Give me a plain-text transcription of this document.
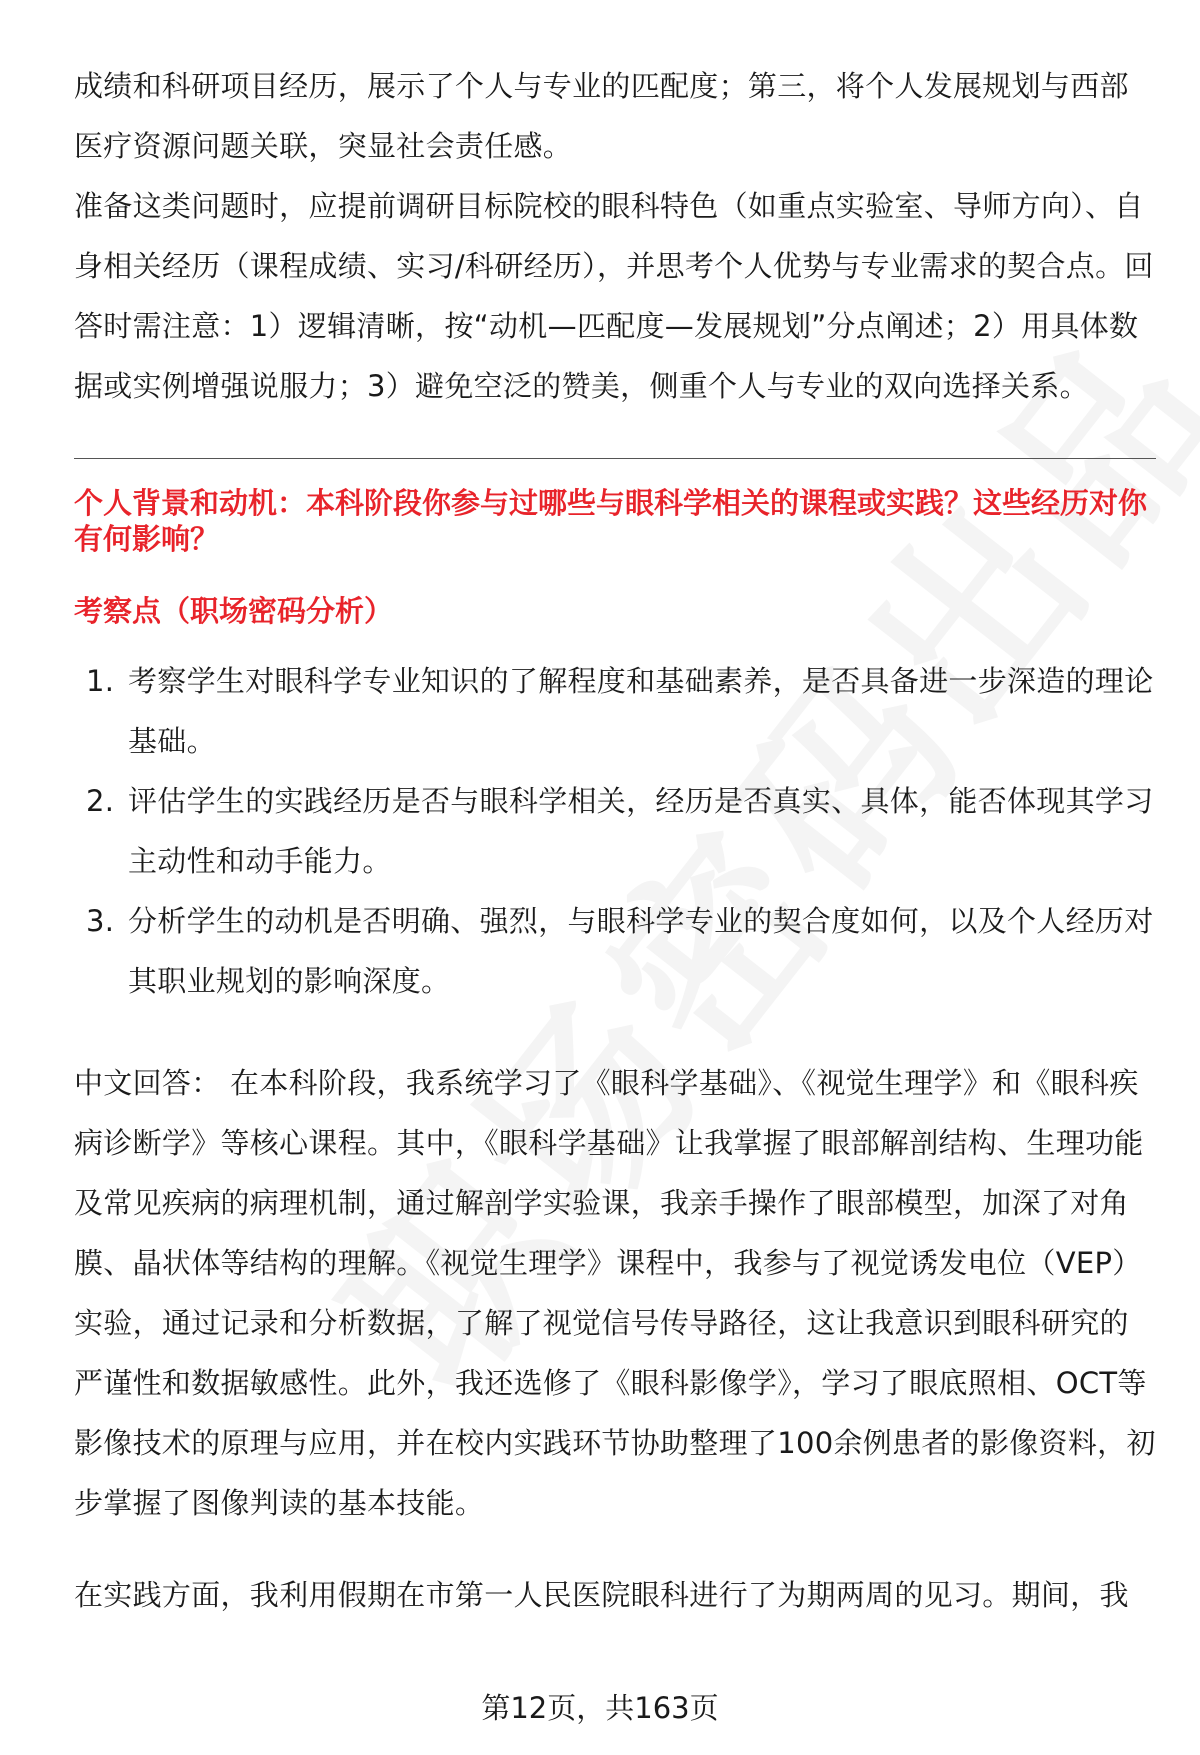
成绩和科研项目经历，展示了个人与专业的匹配度；第三，将个人发展规划与西部医疗资源问题关联，突显社会责任感。

准备这类问题时，应提前调研目标院校的眼科特色（如重点实验室、导师方向）、自身相关经历（课程成绩、实习/科研经历），并思考个人优势与专业需求的契合点。回答时需注意：1）逻辑清晰，按“动机—匹配度—发展规划”分点阐述；2）用具体数据或实例增强说服力；3）避免空泛的赞美，侧重个人与专业的双向选择关系。

个人背景和动机：本科阶段你参与过哪些与眼科学相关的课程或实践？这些经历对你有何影响？
考察点（职场密码分析）
1. 考察学生对眼科学专业知识的了解程度和基础素养，是否具备进一步深造的理论基础。
2. 评估学生的实践经历是否与眼科学相关，经历是否真实、具体，能否体现其学习主动性和动手能力。
3. 分析学生的动机是否明确、强烈，与眼科学专业的契合度如何，以及个人经历对其职业规划的影响深度。

中文回答： 在本科阶段，我系统学习了《眼科学基础》、《视觉生理学》和《眼科疾病诊断学》等核心课程。其中，《眼科学基础》让我掌握了眼部解剖结构、生理功能及常见疾病的病理机制，通过解剖学实验课，我亲手操作了眼部模型，加深了对角膜、晶状体等结构的理解。《视觉生理学》课程中，我参与了视觉诱发电位（VEP）实验，通过记录和分析数据，了解了视觉信号传导路径，这让我意识到眼科研究的严谨性和数据敏感性。此外，我还选修了《眼科影像学》，学习了眼底照相、OCT等影像技术的原理与应用，并在校内实践环节协助整理了100余例患者的影像资料，初步掌握了图像判读的基本技能。

在实践方面，我利用假期在市第一人民医院眼科进行了为期两周的见习。期间，我

第12页，共163页
